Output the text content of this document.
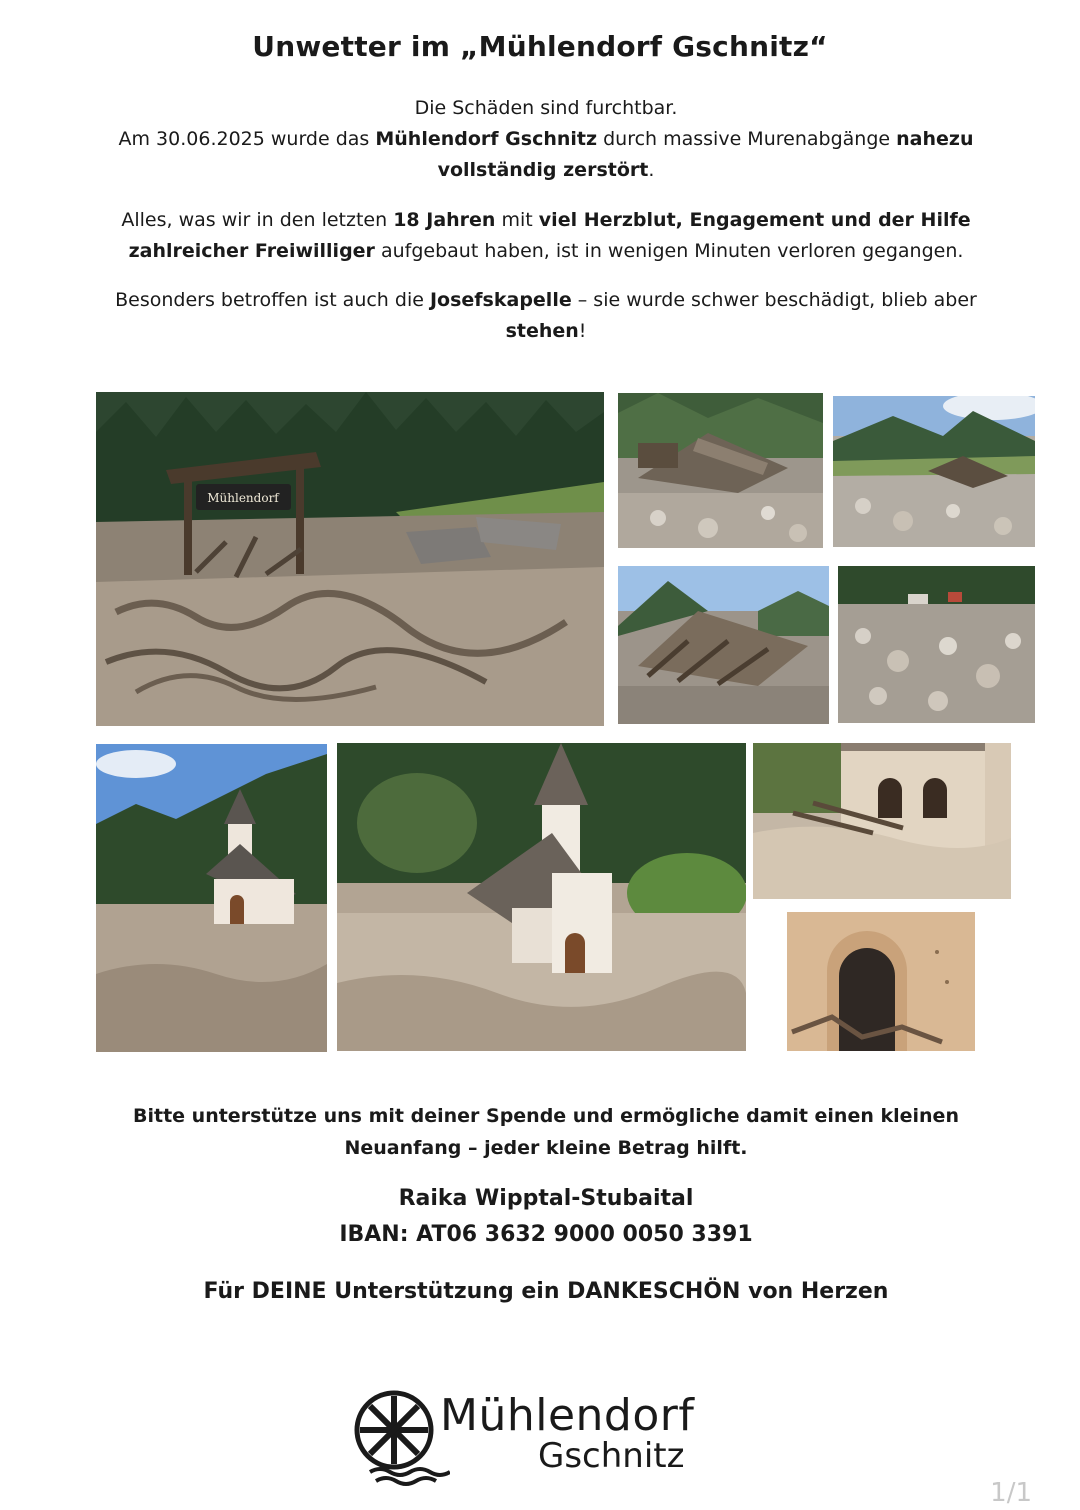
Unwetter im „Mühlendorf Gschnitz“
Die Schäden sind furchtbar.
Am 30.06.2025 wurde das Mühlendorf Gschnitz durch massive Murenabgänge nahezu vollständig zerstört.
Alles, was wir in den letzten 18 Jahren mit viel Herzblut, Engagement und der Hilfe zahlreicher Freiwilliger aufgebaut haben, ist in wenigen Minuten verloren gegangen.
Besonders betroffen ist auch die Josefskapelle – sie wurde schwer beschädigt, blieb aber stehen!
Mühlendorf
Bitte unterstütze uns mit deiner Spende und ermögliche damit einen kleinen
Neuanfang – jeder kleine Betrag hilft.
Raika Wipptal-Stubaital
IBAN: AT06 3632 9000 0050 3391
Für DEINE Unterstützung ein DANKESCHÖN von Herzen
Mühlendorf
Gschnitz
1/1
